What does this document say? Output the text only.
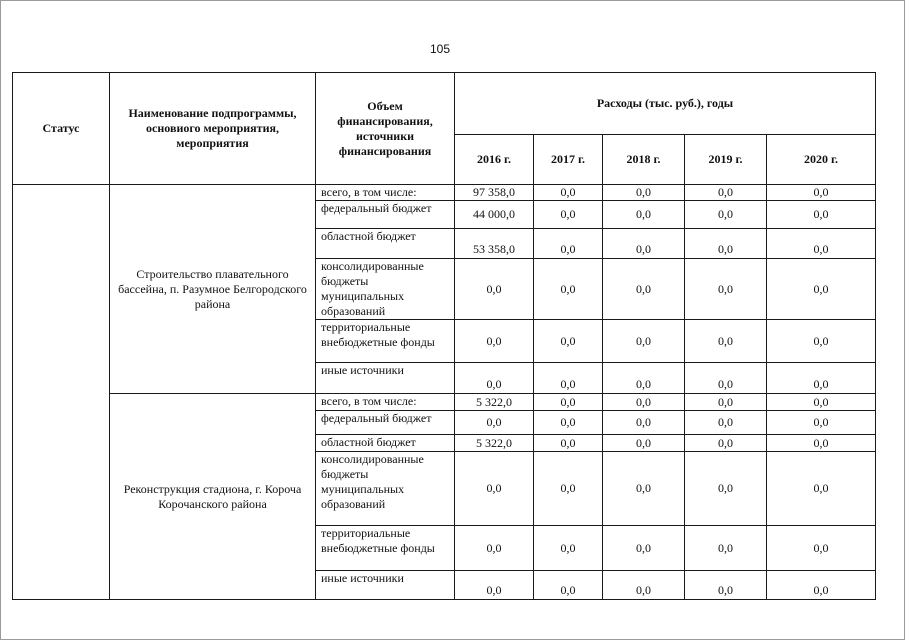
105
Статус	Наименование подпрограммы, основиого мероприятия, мероприятия	Объем финансирования, источники финансирования	Расходы (тыс. руб.), годы				
			2016 г.	2017 г.	2018 г.	2019 г.	2020 г.
	Строительство плавательного бассейна, п. Разумное Белгородского района	всего, в том числе:	97 358,0	0,0	0,0	0,0	0,0
		федеральный бюджет	44 000,0	0,0	0,0	0,0	0,0
		областной бюджет	53 358,0	0,0	0,0	0,0	0,0
		консолидированные бюджеты муниципальных образований	0,0	0,0	0,0	0,0	0,0
		территориальные внебюджетные фонды	0,0	0,0	0,0	0,0	0,0
		иные источники	0,0	0,0	0,0	0,0	0,0
	Реконструкция стадиона, г. Короча Корочанского района	всего, в том числе:	5 322,0	0,0	0,0	0,0	0,0
		федеральный бюджет	0,0	0,0	0,0	0,0	0,0
		областной бюджет	5 322,0	0,0	0,0	0,0	0,0
		консолидированные бюджеты муниципальных образований	0,0	0,0	0,0	0,0	0,0
		территориальные внебюджетные фонды	0,0	0,0	0,0	0,0	0,0
		иные источники	0,0	0,0	0,0	0,0	0,0
